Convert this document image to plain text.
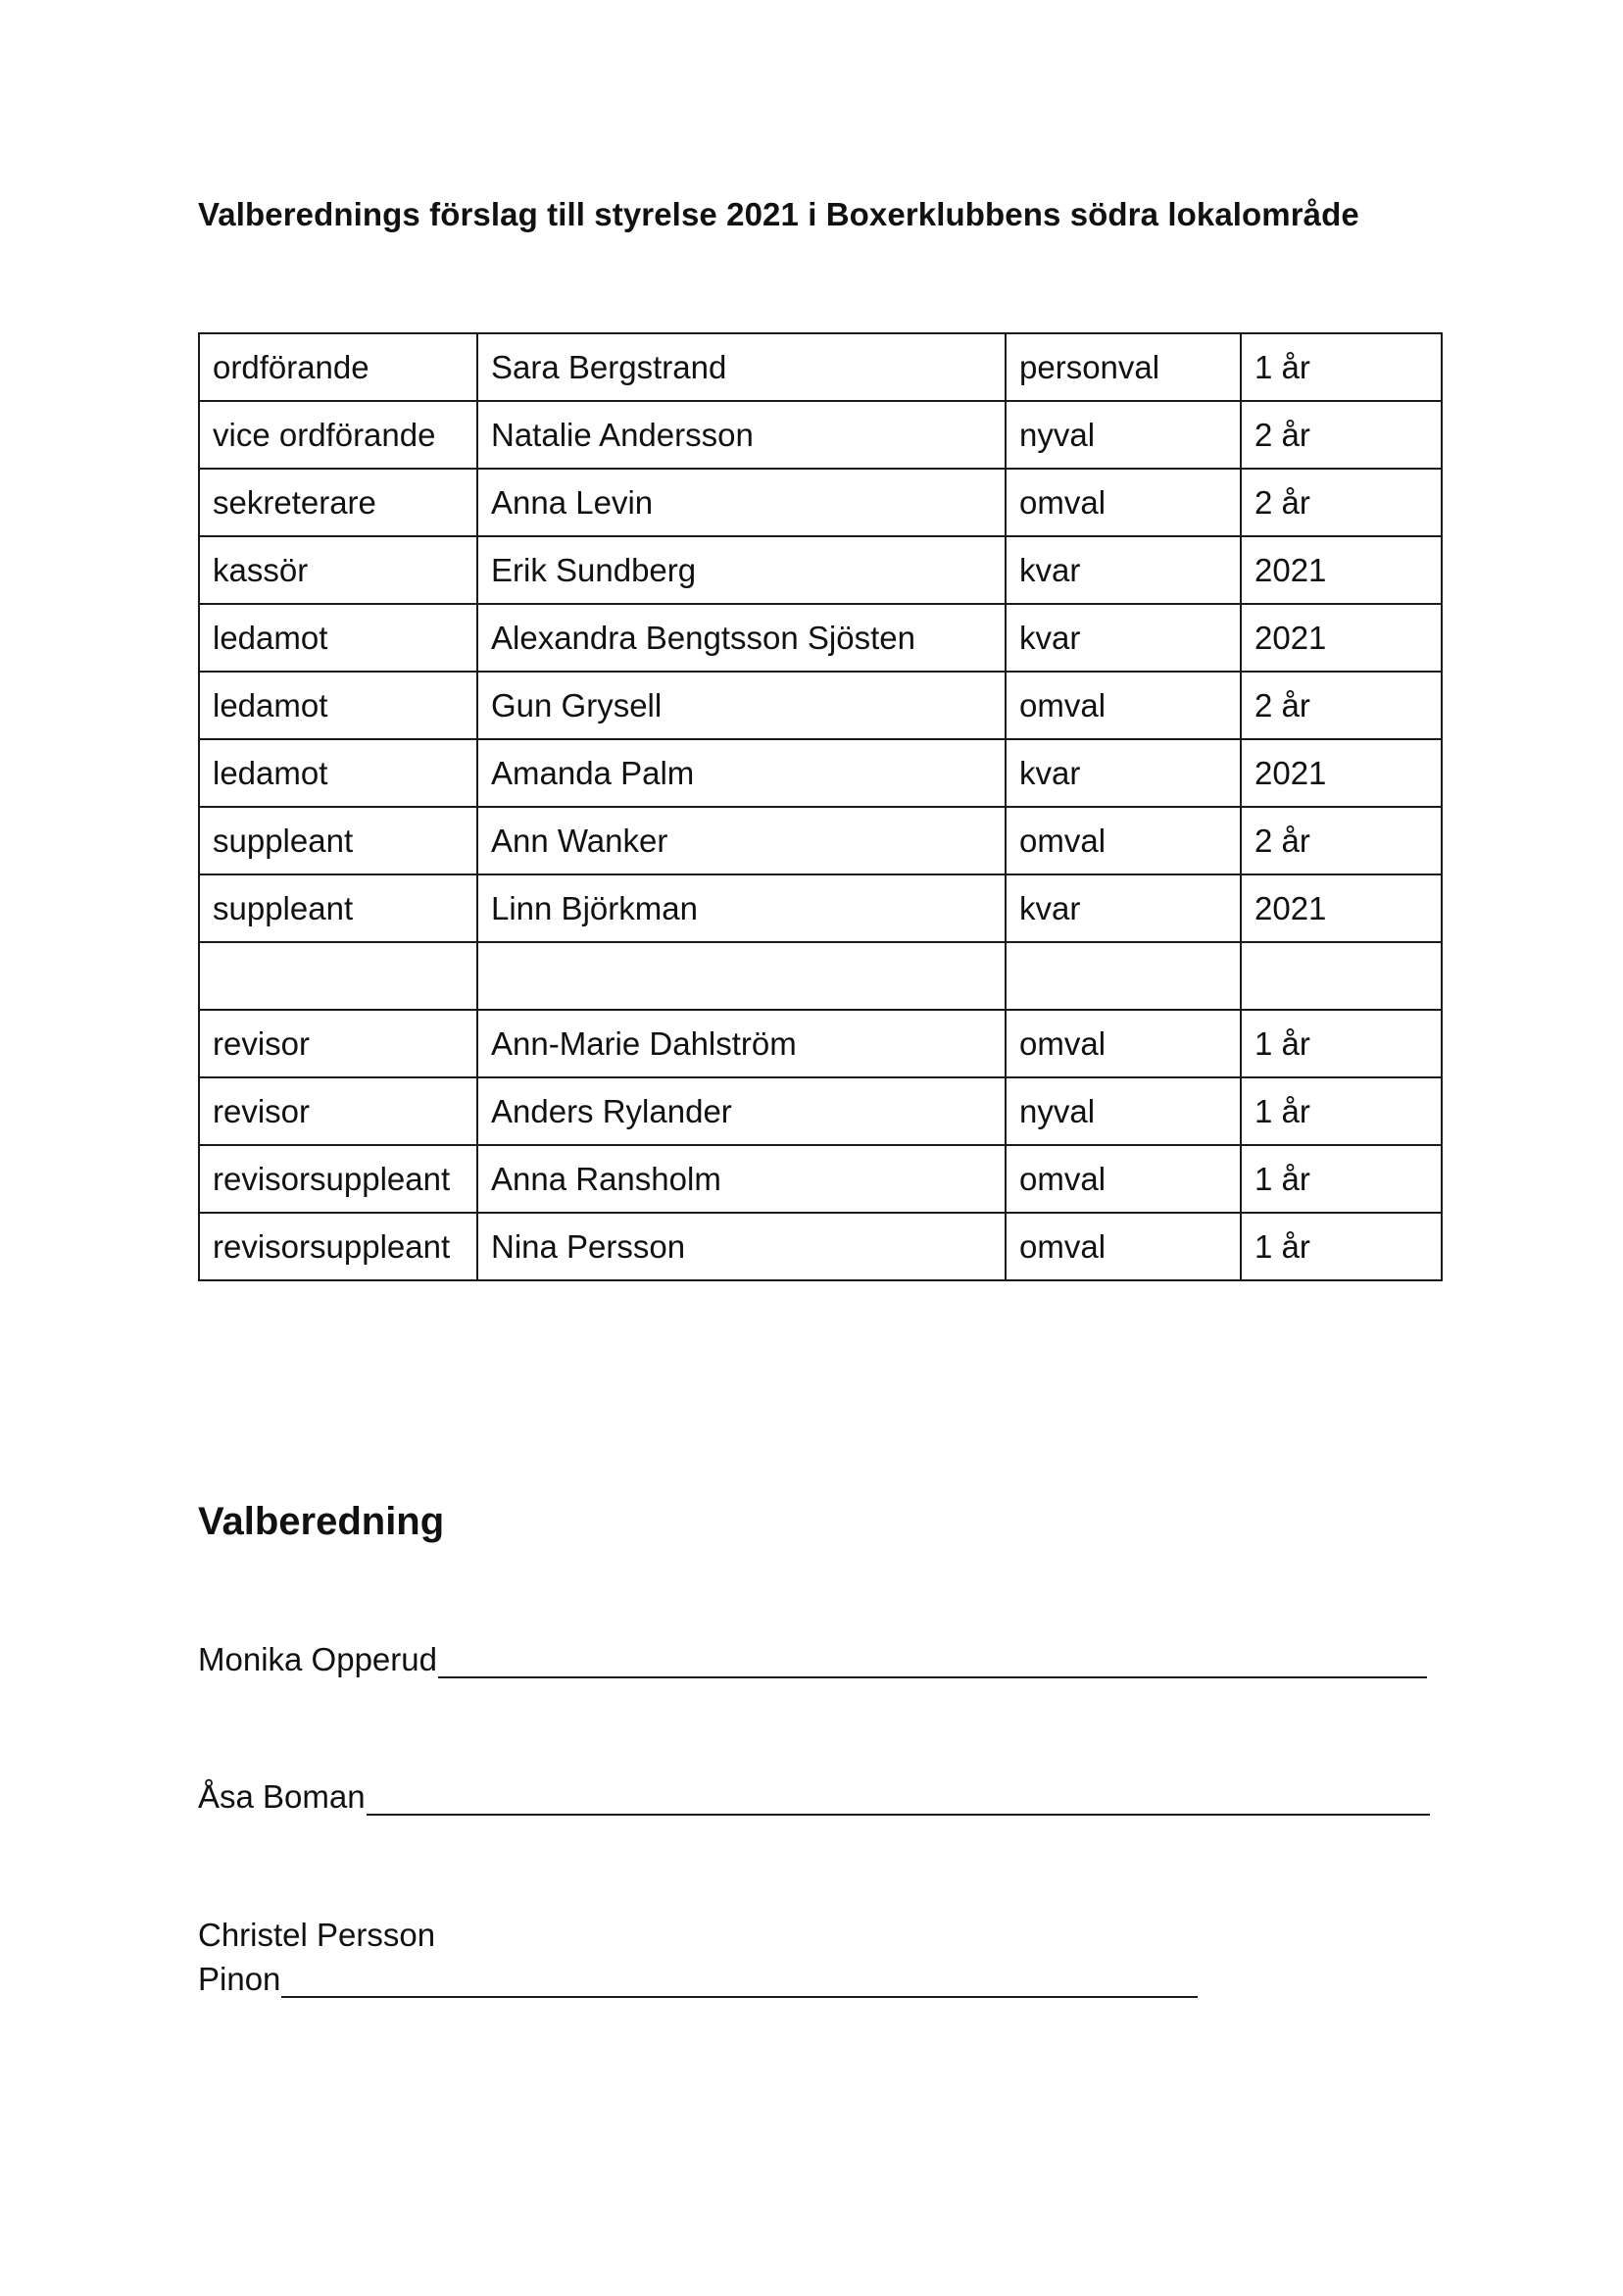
Valberednings förslag till styrelse 2021 i Boxerklubbens södra lokalområde
ordförande	Sara Bergstrand	personval	1 år
vice ordförande	Natalie Andersson	nyval	2 år
sekreterare	Anna Levin	omval	2 år
kassör	Erik Sundberg	kvar	2021
ledamot	Alexandra Bengtsson Sjösten	kvar	2021
ledamot	Gun Grysell	omval	2 år
ledamot	Amanda Palm	kvar	2021
suppleant	Ann Wanker	omval	2 år
suppleant	Linn Björkman	kvar	2021

revisor	Ann-Marie Dahlström	omval	1 år
revisor	Anders Rylander	nyval	1 år
revisorsuppleant	Anna Ransholm	omval	1 år
revisorsuppleant	Nina Persson	omval	1 år
Valberedning
Monika Opperud
Åsa Boman
Christel Persson
Pinon
